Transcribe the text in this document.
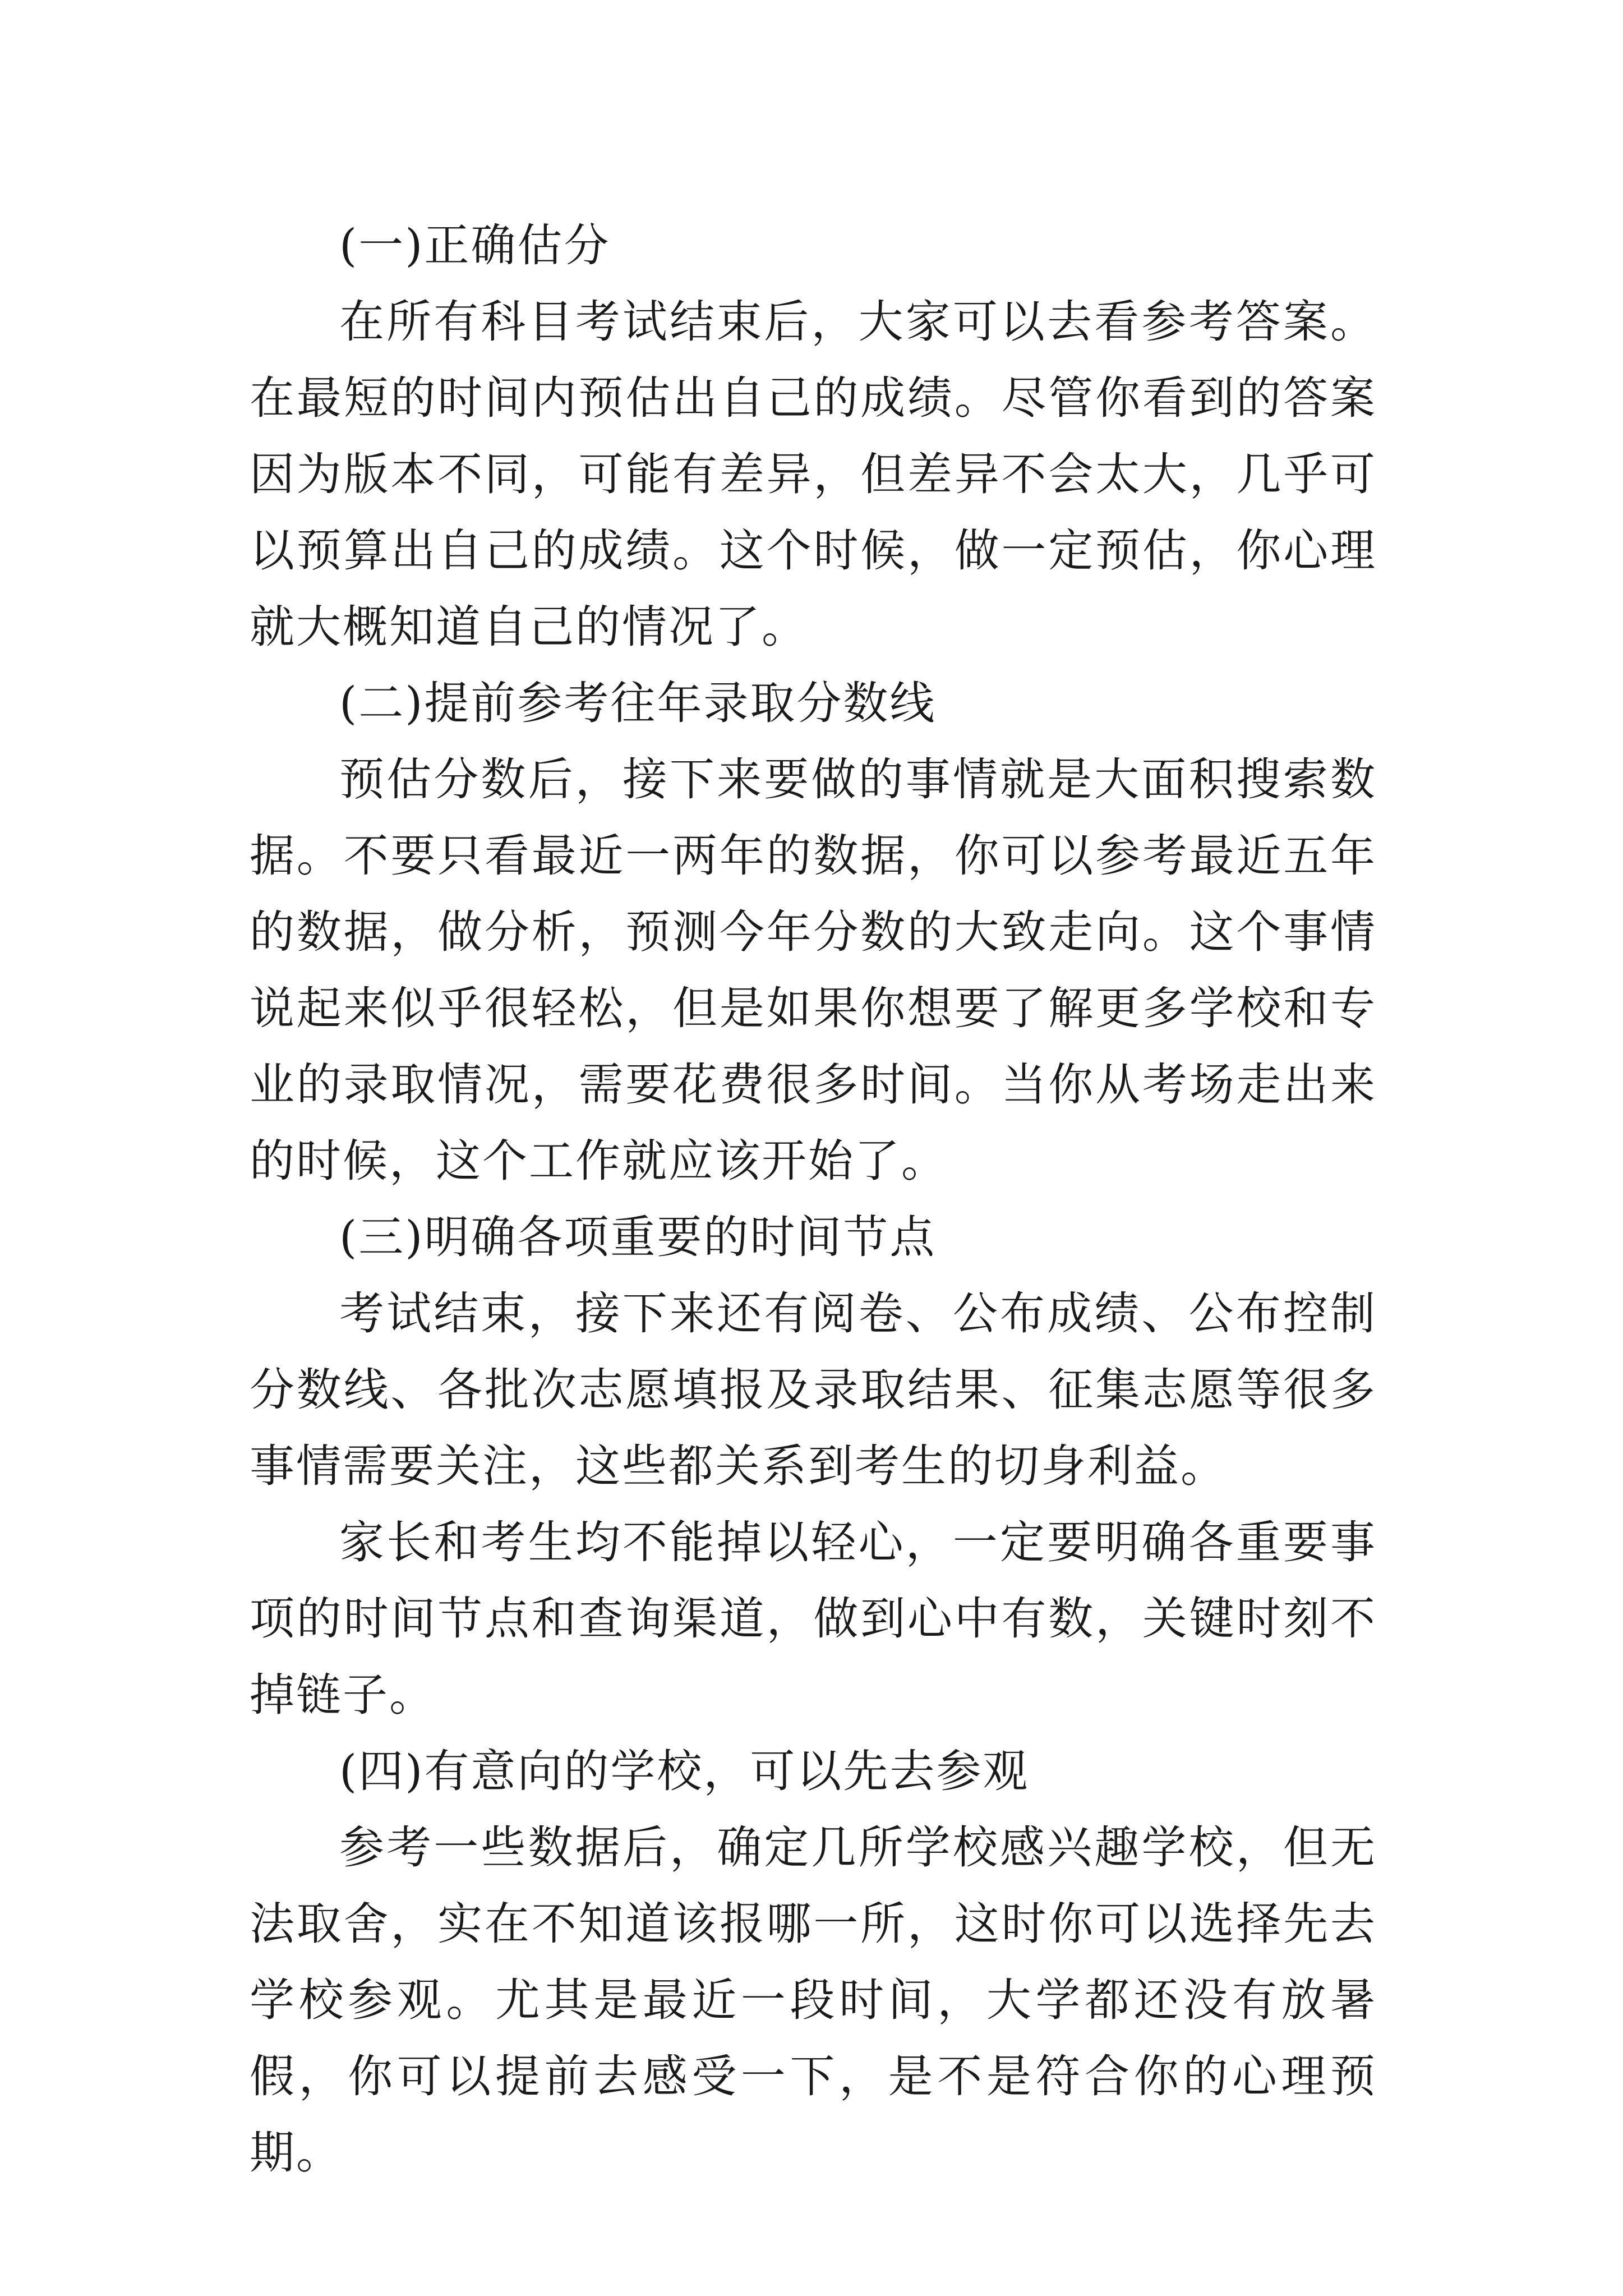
(一)正确估分

在所有科目考试结束后，大家可以去看参考答案。在最短的时间内预估出自己的成绩。尽管你看到的答案因为版本不同，可能有差异，但差异不会太大，几乎可以预算出自己的成绩。这个时候，做一定预估，你心理就大概知道自己的情况了。

(二)提前参考往年录取分数线

预估分数后，接下来要做的事情就是大面积搜索数据。不要只看最近一两年的数据，你可以参考最近五年的数据，做分析，预测今年分数的大致走向。这个事情说起来似乎很轻松，但是如果你想要了解更多学校和专业的录取情况，需要花费很多时间。当你从考场走出来的时候，这个工作就应该开始了。

(三)明确各项重要的时间节点

考试结束，接下来还有阅卷、公布成绩、公布控制分数线、各批次志愿填报及录取结果、征集志愿等很多事情需要关注，这些都关系到考生的切身利益。

家长和考生均不能掉以轻心，一定要明确各重要事项的时间节点和查询渠道，做到心中有数，关键时刻不掉链子。

(四)有意向的学校，可以先去参观

参考一些数据后，确定几所学校感兴趣学校，但无法取舍，实在不知道该报哪一所，这时你可以选择先去学校参观。尤其是最近一段时间，大学都还没有放暑假，你可以提前去感受一下，是不是符合你的心理预期。
